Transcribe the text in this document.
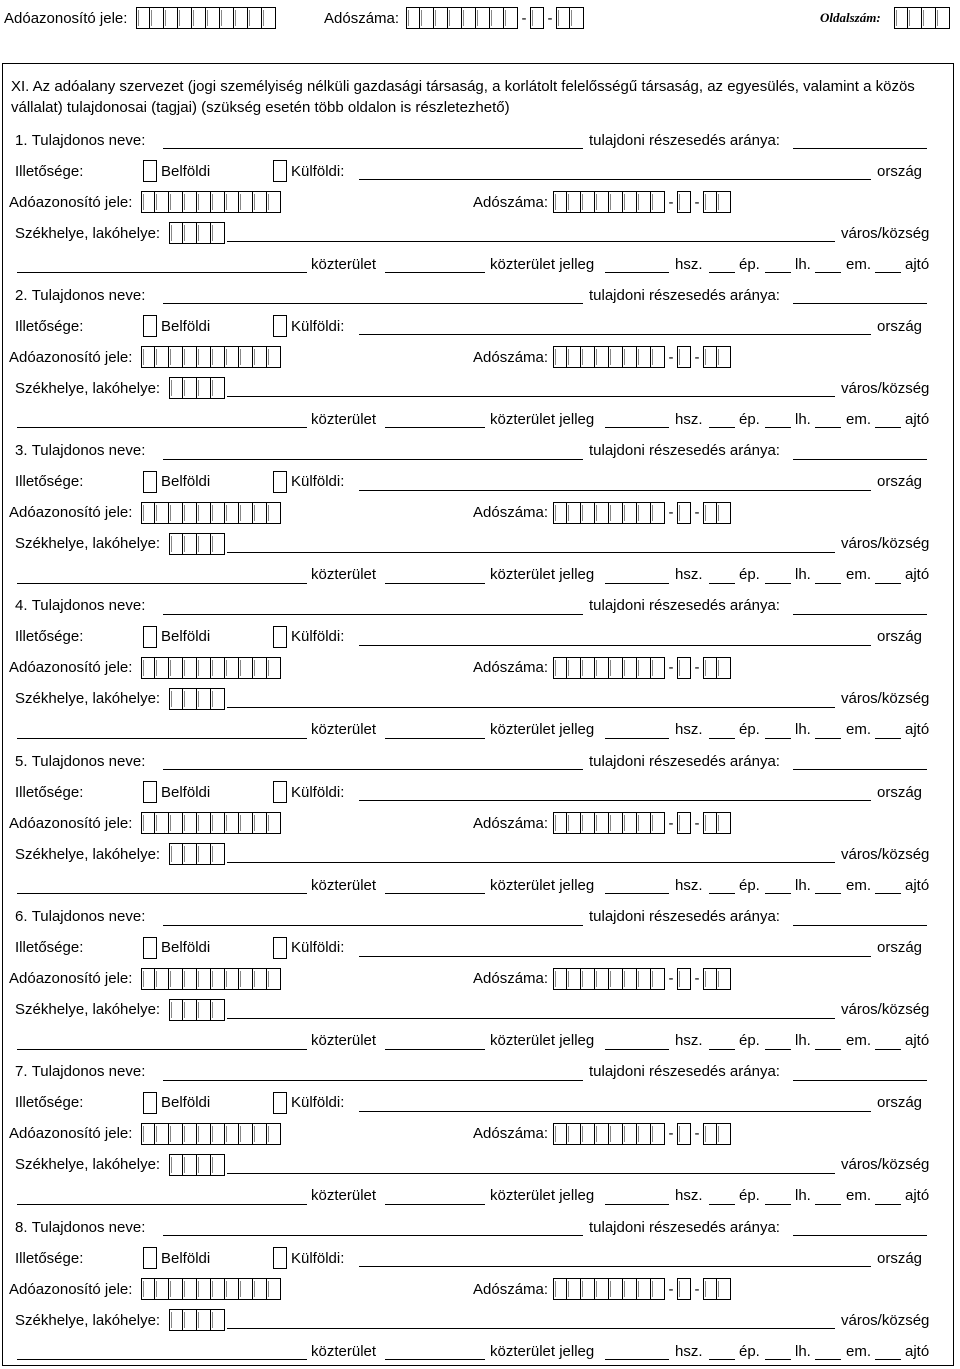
Adóazonosító jele:	Adószáma:	- -	Oldalszám:
XI. Az adóalany szervezet (jogi személyiség nélküli gazdasági társaság, a korlátolt felelősségű társaság, az egyesülés, valamint a közös vállalat) tulajdonosai (tagjai) (szükség esetén több oldalon is részletezhető)
1.
Tulajdonos neve:	tulajdoni részesedés aránya:
Illetősége:	Belföldi	Külföldi:	ország
Adóazonosító jele:	Adószáma:	- -
Székhelye, lakóhelye:	város/község
közterület	közterület jelleg	hsz. ép. lh. em. ajtó
2.
Tulajdonos neve:	tulajdoni részesedés aránya:
Illetősége:	Belföldi	Külföldi:	ország
Adóazonosító jele:	Adószáma:	- -
Székhelye, lakóhelye:	város/község
közterület	közterület jelleg	hsz. ép. lh. em. ajtó
3.
Tulajdonos neve:	tulajdoni részesedés aránya:
Illetősége:	Belföldi	Külföldi:	ország
Adóazonosító jele:	Adószáma:	- -
Székhelye, lakóhelye:	város/község
közterület	közterület jelleg	hsz. ép. lh. em. ajtó
4.
Tulajdonos neve:	tulajdoni részesedés aránya:
Illetősége:	Belföldi	Külföldi:	ország
Adóazonosító jele:	Adószáma:	- -
Székhelye, lakóhelye:	város/község
közterület	közterület jelleg	hsz. ép. lh. em. ajtó
5.
Tulajdonos neve:	tulajdoni részesedés aránya:
Illetősége:	Belföldi	Külföldi:	ország
Adóazonosító jele:	Adószáma:	- -
Székhelye, lakóhelye:	város/község
közterület	közterület jelleg	hsz. ép. lh. em. ajtó
6.
Tulajdonos neve:	tulajdoni részesedés aránya:
Illetősége:	Belföldi	Külföldi:	ország
Adóazonosító jele:	Adószáma:	- -
Székhelye, lakóhelye:	város/község
közterület	közterület jelleg	hsz. ép. lh. em. ajtó
7.
Tulajdonos neve:	tulajdoni részesedés aránya:
Illetősége:	Belföldi	Külföldi:	ország
Adóazonosító jele:	Adószáma:	- -
Székhelye, lakóhelye:	város/község
közterület	közterület jelleg	hsz. ép. lh. em. ajtó
8.
Tulajdonos neve:	tulajdoni részesedés aránya:
Illetősége:	Belföldi	Külföldi:	ország
Adóazonosító jele:	Adószáma:	- -
Székhelye, lakóhelye:	város/község
közterület	közterület jelleg	hsz. ép. lh. em. ajtó
